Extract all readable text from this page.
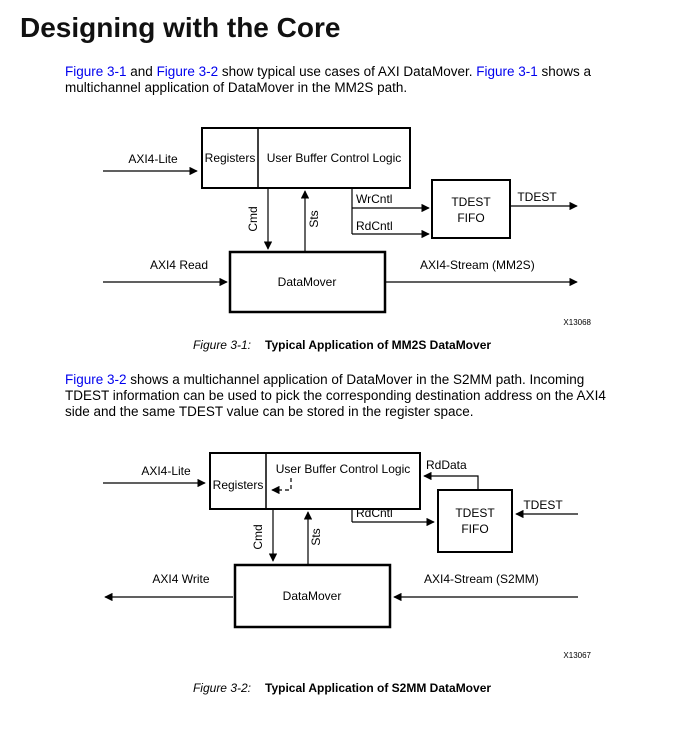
Designing with the Core

Figure 3-1 and Figure 3-2 show typical use cases of AXI DataMover. Figure 3-1 shows a
multichannel application of DataMover in the MM2S path.

Registers User Buffer Control Logic
AXI4-Lite
Cmd	Sts
WrCntl
RdCntl
TDEST
FIFO
TDEST
DataMover
AXI4 Read	AXI4-Stream (MM2S)
X13068
Figure 3-1: Typical Application of MM2S DataMover

Figure 3-2 shows a multichannel application of DataMover in the S2MM path. Incoming
TDEST information can be used to pick the corresponding destination address on the AXI4
side and the same TDEST value can be stored in the register space.

Registers
User Buffer Control Logic
AXI4-Lite	RdData
Cmd	Sts
RdCntl	TDEST
FIFO
TDEST
DataMover
AXI4 Write	AXI4-Stream (S2MM)
X13067
Figure 3-2: Typical Application of S2MM DataMover
